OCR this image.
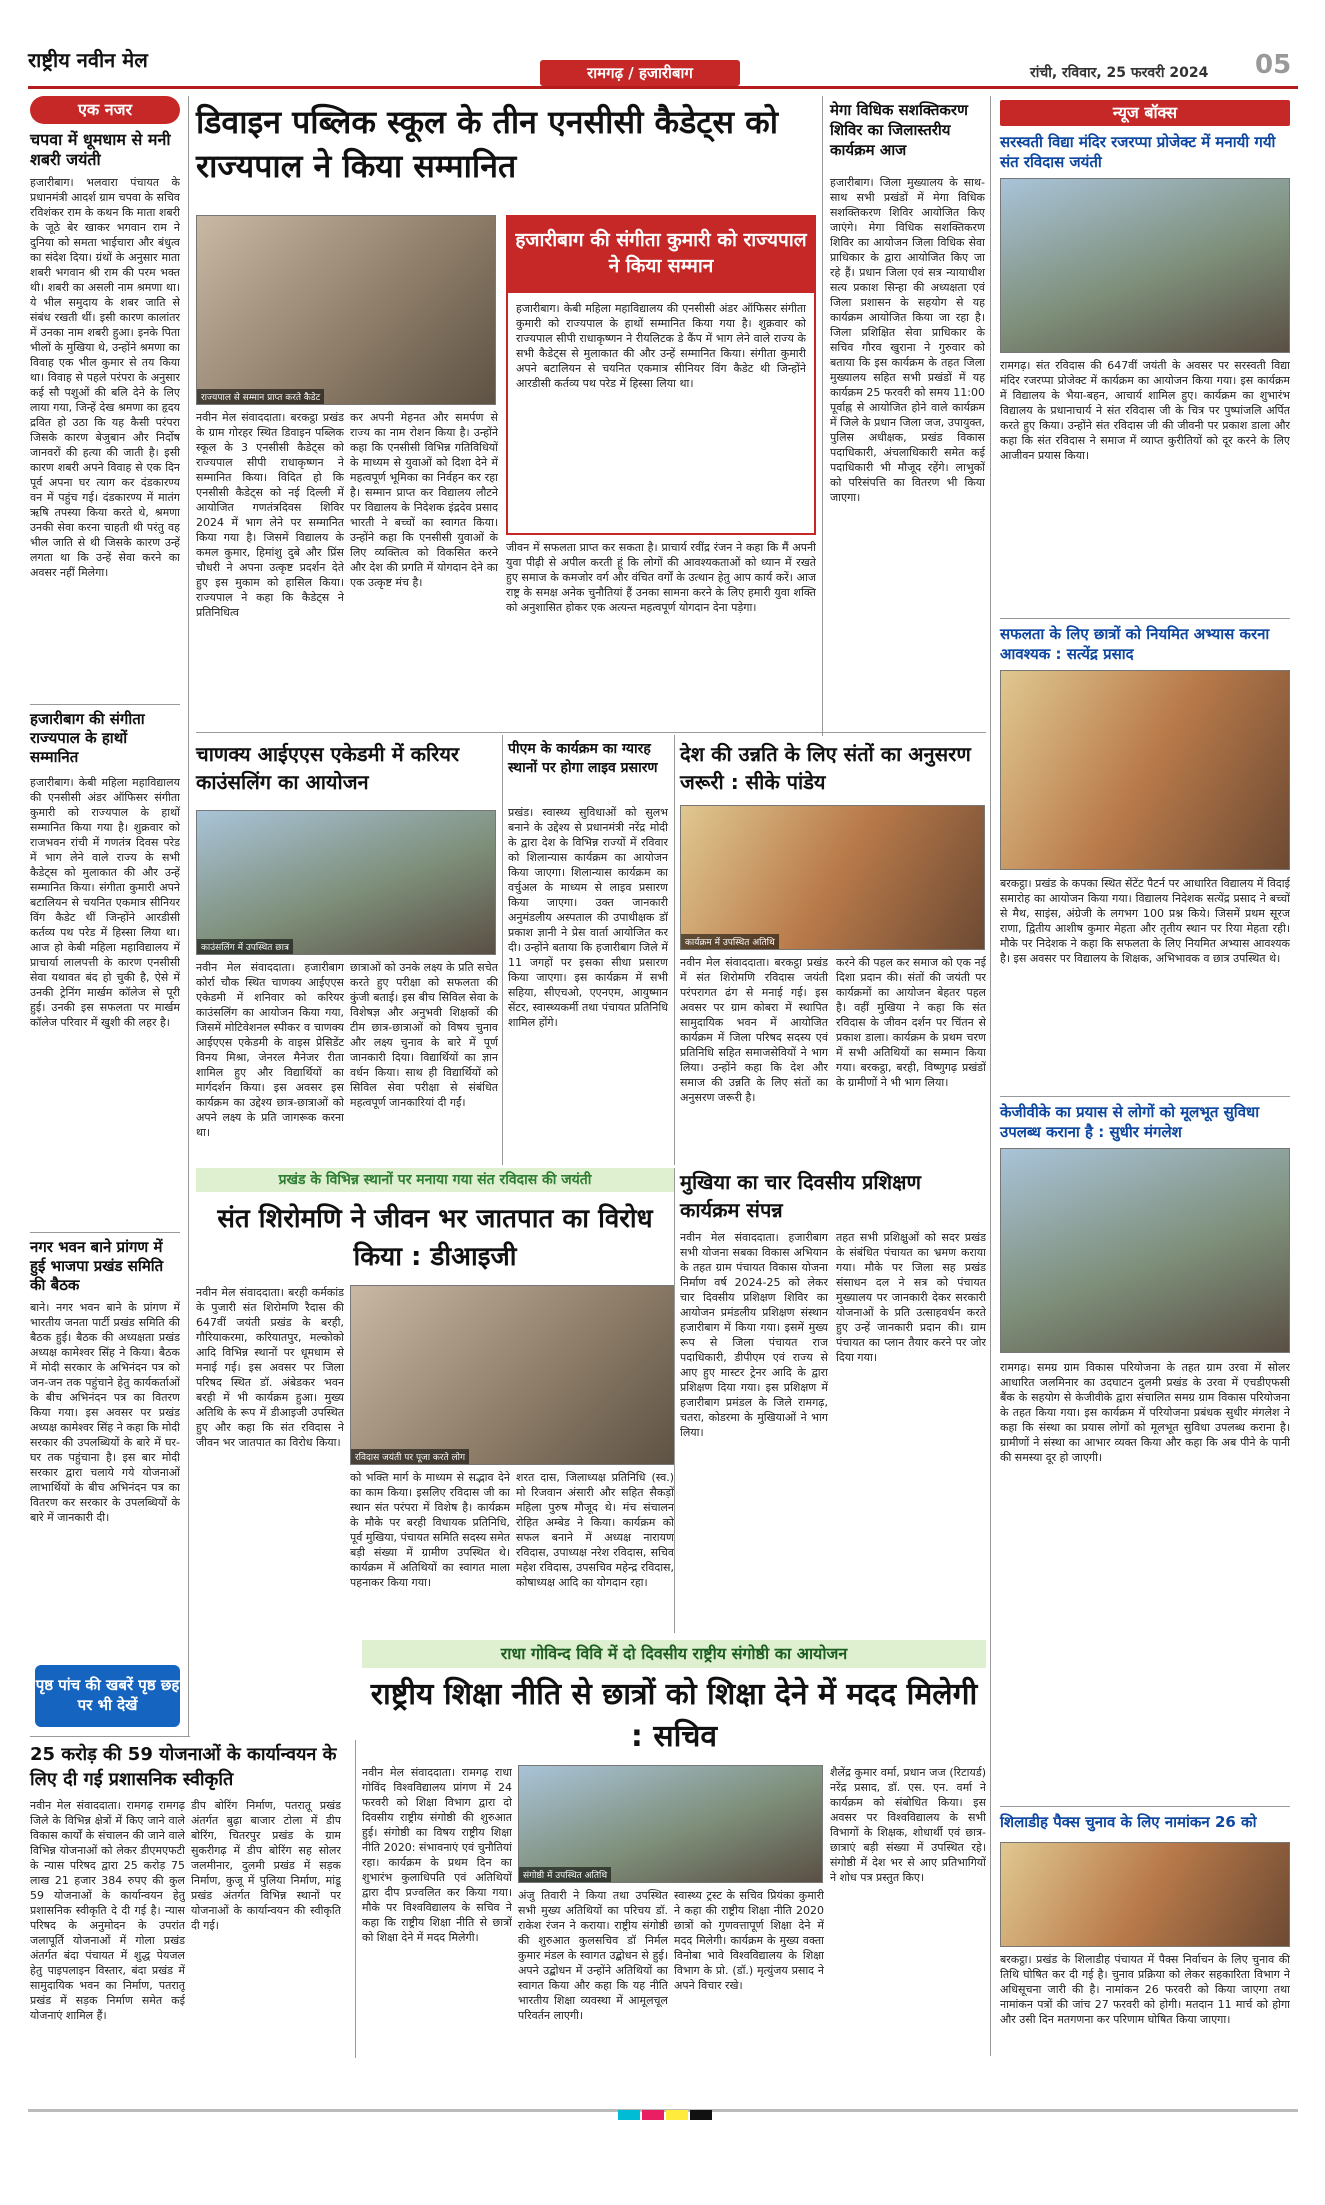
राष्ट्रीय नवीन मेल
रामगढ़ / हजारीबाग	रांची, रविवार, 25 फरवरी 2024 05
एक नजर
चपवा में धूमधाम से मनी शबरी जयंती
हजारीबाग। भलवारा पंचायत के प्रधानमंत्री आदर्श ग्राम चपवा के सचिव रविशंकर राम के कथन कि माता शबरी के जूठे बेर खाकर भगवान राम ने दुनिया को समता भाईचारा और बंधुत्व का संदेश दिया। ग्रंथों के अनुसार माता शबरी भगवान श्री राम की परम भक्त थी। शबरी का असली नाम श्रमणा था। ये भील समुदाय के शबर जाति से संबंध रखती थीं। इसी कारण कालांतर में उनका नाम शबरी हुआ। इनके पिता भीलों के मुखिया थे, उन्होंने श्रमणा का विवाह एक भील कुमार से तय किया था। विवाह से पहले परंपरा के अनुसार कई सौ पशुओं की बलि देने के लिए लाया गया, जिन्हें देख श्रमणा का हृदय द्रवित हो उठा कि यह कैसी परंपरा जिसके कारण बेजुबान और निर्दोष जानवरों की हत्या की जाती है। इसी कारण शबरी अपने विवाह से एक दिन पूर्व अपना घर त्याग कर दंडकारण्य वन में पहुंच गई। दंडकारण्य में मातंग ऋषि तपस्या किया करते थे, श्रमणा उनकी सेवा करना चाहती थी परंतु वह भील जाति से थी जिसके कारण उन्हें लगता था कि उन्हें सेवा करने का अवसर नहीं मिलेगा।
हजारीबाग की संगीता राज्यपाल के हाथों सम्मानित
हजारीबाग। केबी महिला महाविद्यालय की एनसीसी अंडर ऑफिसर संगीता कुमारी को राज्यपाल के हाथों सम्मानित किया गया है। शुक्रवार को राजभवन रांची में गणतंत्र दिवस परेड में भाग लेने वाले राज्य के सभी कैडेट्स को मुलाकात की और उन्हें सम्मानित किया। संगीता कुमारी अपने बटालियन से चयनित एकमात्र सीनियर विंग कैडेट थीं जिन्होंने आरडीसी कर्तव्य पथ परेड में हिस्सा लिया था। आज हो केबी महिला महाविद्यालय में प्राचार्या लालपत्ती के कारण एनसीसी सेवा यथावत बंद हो चुकी है, ऐसे में उनकी ट्रेनिंग मार्खम कॉलेज से पूरी हुई। उनकी इस सफलता पर मार्खम कॉलेज परिवार में खुशी की लहर है।
नगर भवन बाने प्रांगण में हुई भाजपा प्रखंड समिति की बैठक
बाने। नगर भवन बाने के प्रांगण में भारतीय जनता पार्टी प्रखंड समिति की बैठक हुई। बैठक की अध्यक्षता प्रखंड अध्यक्ष कामेश्वर सिंह ने किया। बैठक में मोदी सरकार के अभिनंदन पत्र को जन-जन तक पहुंचाने हेतु कार्यकर्ताओं के बीच अभिनंदन पत्र का वितरण किया गया। इस अवसर पर प्रखंड अध्यक्ष कामेश्वर सिंह ने कहा कि मोदी सरकार की उपलब्धियों के बारे में घर-घर तक पहुंचाना है। इस बार मोदी सरकार द्वारा चलाये गये योजनाओं लाभार्थियों के बीच अभिनंदन पत्र का वितरण कर सरकार के उपलब्धियों के बारे में जानकारी दी।
पृष्ठ पांच की खबरें पृष्ठ छह पर भी देखें
डिवाइन पब्लिक स्कूल के तीन एनसीसी कैडेट्स को राज्यपाल ने किया सम्मानित
राज्यपाल से सम्मान प्राप्त करते कैडेट
हजारीबाग की संगीता कुमारी को राज्यपाल ने किया सम्मान
हजारीबाग। केबी महिला महाविद्यालय की एनसीसी अंडर ऑफिसर संगीता कुमारी को राज्यपाल के हाथों सम्मानित किया गया है। शुक्रवार को राज्यपाल सीपी राधाकृष्णन ने रीयलिटक डे कैंप में भाग लेने वाले राज्य के सभी कैडेट्स से मुलाकात की और उन्हें सम्मानित किया। संगीता कुमारी अपने बटालियन से चयनित एकमात्र सीनियर विंग कैडेट थी जिन्होंने आरडीसी कर्तव्य पथ परेड में हिस्सा लिया था।
नवीन मेल संवाददाता। बरकट्ठा प्रखंड के ग्राम गोरहर स्थित डिवाइन पब्लिक स्कूल के 3 एनसीसी कैडेट्स को राज्यपाल सीपी राधाकृष्णन ने सम्मानित किया। विदित हो कि एनसीसी कैडेट्स को नई दिल्ली में आयोजित गणतंत्रदिवस शिविर 2024 में भाग लेने पर सम्मानित किया गया है। जिसमें विद्यालय के कमल कुमार, हिमांशु दुबे और प्रिंस चौधरी ने अपना उत्कृष्ट प्रदर्शन देते हुए इस मुकाम को हासिल किया। राज्यपाल ने कहा कि कैडेट्स ने प्रतिनिधित्व
कर अपनी मेहनत और समर्पण से राज्य का नाम रोशन किया है। उन्होंने कहा कि एनसीसी विभिन्न गतिविधियों के माध्यम से युवाओं को दिशा देने में महत्वपूर्ण भूमिका का निर्वहन कर रहा है। सम्मान प्राप्त कर विद्यालय लौटने पर विद्यालय के निदेशक इंद्रदेव प्रसाद भारती ने बच्चों का स्वागत किया। उन्होंने कहा कि एनसीसी युवाओं के लिए व्यक्तित्व को विकसित करने और देश की प्रगति में योगदान देने का एक उत्कृष्ट मंच है।
जीवन में सफलता प्राप्त कर सकता है। प्राचार्य रवींद्र रंजन ने कहा कि मैं अपनी युवा पीढ़ी से अपील करती हूं कि लोगों की आवश्यकताओं को ध्यान में रखते हुए समाज के कमजोर वर्ग और वंचित वर्गों के उत्थान हेतु आप कार्य करें। आज राष्ट्र के समक्ष अनेक चुनौतियां हैं उनका सामना करने के लिए हमारी युवा शक्ति को अनुशासित होकर एक अत्यन्त महत्वपूर्ण योगदान देना पड़ेगा।
मेगा विधिक सशक्तिकरण शिविर का जिलास्तरीय कार्यक्रम आज
हजारीबाग। जिला मुख्यालय के साथ-साथ सभी प्रखंडों में मेगा विधिक सशक्तिकरण शिविर आयोजित किए जाएंगे। मेगा विधिक सशक्तिकरण शिविर का आयोजन जिला विधिक सेवा प्राधिकार के द्वारा आयोजित किए जा रहे हैं। प्रधान जिला एवं सत्र न्यायाधीश सत्य प्रकाश सिन्हा की अध्यक्षता एवं जिला प्रशासन के सहयोग से यह कार्यक्रम आयोजित किया जा रहा है। जिला प्रशिक्षित सेवा प्राधिकार के सचिव गौरव खुराना ने गुरुवार को बताया कि इस कार्यक्रम के तहत जिला मुख्यालय सहित सभी प्रखंडों में यह कार्यक्रम 25 फरवरी को समय 11:00 पूर्वाह्न से आयोजित होने वाले कार्यक्रम में जिले के प्रधान जिला जज, उपायुक्त, पुलिस अधीक्षक, प्रखंड विकास पदाधिकारी, अंचलाधिकारी समेत कई पदाधिकारी भी मौजूद रहेंगे। लाभुकों को परिसंपत्ति का वितरण भी किया जाएगा।
न्यूज बॉक्स
सरस्वती विद्या मंदिर रजरप्पा प्रोजेक्ट में मनायी गयी संत रविदास जयंती
रामगढ़। संत रविदास की 647वीं जयंती के अवसर पर सरस्वती विद्या मंदिर रजरप्पा प्रोजेक्ट में कार्यक्रम का आयोजन किया गया। इस कार्यक्रम में विद्यालय के भैया-बहन, आचार्य शामिल हुए। कार्यक्रम का शुभारंभ विद्यालय के प्रधानाचार्य ने संत रविदास जी के चित्र पर पुष्पांजलि अर्पित करते हुए किया। उन्होंने संत रविदास जी की जीवनी पर प्रकाश डाला और कहा कि संत रविदास ने समाज में व्याप्त कुरीतियों को दूर करने के लिए आजीवन प्रयास किया।
सफलता के लिए छात्रों को नियमित अभ्यास करना आवश्यक : सत्येंद्र प्रसाद
बरकट्ठा। प्रखंड के कपका स्थित सेंटेंट पैटर्न पर आधारित विद्यालय में विदाई समारोह का आयोजन किया गया। विद्यालय निदेशक सत्येंद्र प्रसाद ने बच्चों से मैथ, साइंस, अंग्रेजी के लगभग 100 प्रश्न किये। जिसमें प्रथम सूरज राणा, द्वितीय आशीष कुमार मेहता और तृतीय स्थान पर रिया मेहता रही। मौके पर निदेशक ने कहा कि सफलता के लिए नियमित अभ्यास आवश्यक है। इस अवसर पर विद्यालय के शिक्षक, अभिभावक व छात्र उपस्थित थे।
केजीवीके का प्रयास से लोगों को मूलभूत सुविधा उपलब्ध कराना है : सुधीर मंगलेश
रामगढ़। समग्र ग्राम विकास परियोजना के तहत ग्राम उरवा में सोलर आधारित जलमिनार का उदघाटन दुलमी प्रखंड के उरवा में एचडीएफसी बैंक के सहयोग से केजीवीके द्वारा संचालित समग्र ग्राम विकास परियोजना के तहत किया गया। इस कार्यक्रम में परियोजना प्रबंधक सुधीर मंगलेश ने कहा कि संस्था का प्रयास लोगों को मूलभूत सुविधा उपलब्ध कराना है। ग्रामीणों ने संस्था का आभार व्यक्त किया और कहा कि अब पीने के पानी की समस्या दूर हो जाएगी।
शिलाडीह पैक्स चुनाव के लिए नामांकन 26 को
बरकट्ठा। प्रखंड के शिलाडीह पंचायत में पैक्स निर्वाचन के लिए चुनाव की तिथि घोषित कर दी गई है। चुनाव प्रक्रिया को लेकर सहकारिता विभाग ने अधिसूचना जारी की है। नामांकन 26 फरवरी को किया जाएगा तथा नामांकन पत्रों की जांच 27 फरवरी को होगी। मतदान 11 मार्च को होगा और उसी दिन मतगणना कर परिणाम घोषित किया जाएगा।
चाणक्य आईएएस एकेडमी में करियर काउंसलिंग का आयोजन
काउंसलिंग में उपस्थित छात्र
नवीन मेल संवाददाता। हजारीबाग कोर्रा चौक स्थित चाणक्य आईएएस एकेडमी में शनिवार को करियर काउंसलिंग का आयोजन किया गया, जिसमें मोटिवेशनल स्पीकर व चाणक्य आईएएस एकेडमी के वाइस प्रेसिडेंट विनय मिश्रा, जेनरल मैनेजर रीता शामिल हुए और विद्यार्थियों का मार्गदर्शन किया। इस अवसर इस कार्यक्रम का उद्देश्य छात्र-छात्राओं को अपने लक्ष्य के प्रति जागरूक करना था।
छात्राओं को उनके लक्ष्य के प्रति सचेत करते हुए परीक्षा को सफलता की कुंजी बताई। इस बीच सिविल सेवा के विशेषज्ञ और अनुभवी शिक्षकों की टीम छात्र-छात्राओं को विषय चुनाव और लक्ष्य चुनाव के बारे में पूर्ण जानकारी दिया। विद्यार्थियों का ज्ञान वर्धन किया। साथ ही विद्यार्थियों को सिविल सेवा परीक्षा से संबंधित महत्वपूर्ण जानकारियां दी गईं।
पीएम के कार्यक्रम का ग्यारह स्थानों पर होगा लाइव प्रसारण
प्रखंड। स्वास्थ्य सुविधाओं को सुलभ बनाने के उद्देश्य से प्रधानमंत्री नरेंद्र मोदी के द्वारा देश के विभिन्न राज्यों में रविवार को शिलान्यास कार्यक्रम का आयोजन किया जाएगा। शिलान्यास कार्यक्रम का वर्चुअल के माध्यम से लाइव प्रसारण किया जाएगा। उक्त जानकारी अनुमंडलीय अस्पताल की उपाधीक्षक डॉ प्रकाश ज्ञानी ने प्रेस वार्ता आयोजित कर दी। उन्होंने बताया कि हजारीबाग जिले में 11 जगहों पर इसका सीधा प्रसारण किया जाएगा। इस कार्यक्रम में सभी सहिया, सीएचओ, एएनएम, आयुष्मान सेंटर, स्वास्थ्यकर्मी तथा पंचायत प्रतिनिधि शामिल होंगे।
देश की उन्नति के लिए संतों का अनुसरण जरूरी : सीके पांडेय
कार्यक्रम में उपस्थित अतिथि
नवीन मेल संवाददाता। बरकट्ठा प्रखंड में संत शिरोमणि रविदास जयंती परंपरागत ढंग से मनाई गई। इस अवसर पर ग्राम कोबरा में स्थापित सामुदायिक भवन में आयोजित कार्यक्रम में जिला परिषद सदस्य एवं प्रतिनिधि सहित समाजसेवियों ने भाग लिया। उन्होंने कहा कि देश और समाज की उन्नति के लिए संतों का अनुसरण जरूरी है।
करने की पहल कर समाज को एक नई दिशा प्रदान की। संतों की जयंती पर कार्यक्रमों का आयोजन बेहतर पहल है। वहीं मुखिया ने कहा कि संत रविदास के जीवन दर्शन पर चिंतन से प्रकाश डाला। कार्यक्रम के प्रथम चरण में सभी अतिथियों का सम्मान किया गया। बरकट्ठा, बरही, विष्णुगढ़ प्रखंडों के ग्रामीणों ने भी भाग लिया।
प्रखंड के विभिन्न स्थानों पर मनाया गया संत रविदास की जयंती
संत शिरोमणि ने जीवन भर जातपात का विरोध किया : डीआइजी
नवीन मेल संवाददाता। बरही कर्मकांड के पुजारी संत शिरोमणि रैदास की 647वीं जयंती प्रखंड के बरही, गौरियाकरमा, करियातपुर, मल्कोको आदि विभिन्न स्थानों पर धूमधाम से मनाई गई। इस अवसर पर जिला परिषद स्थित डॉ. अंबेडकर भवन बरही में भी कार्यक्रम हुआ। मुख्य अतिथि के रूप में डीआइजी उपस्थित हुए और कहा कि संत रविदास ने जीवन भर जातपात का विरोध किया।
रविदास जयंती पर पूजा करते लोग
को भक्ति मार्ग के माध्यम से सद्भाव देने का काम किया। इसलिए रविदास जी का स्थान संत परंपरा में विशेष है। कार्यक्रम के मौके पर बरही विधायक प्रतिनिधि, पूर्व मुखिया, पंचायत समिति सदस्य समेत बड़ी संख्या में ग्रामीण उपस्थित थे। कार्यक्रम में अतिथियों का स्वागत माला पहनाकर किया गया।
शरत दास, जिलाध्यक्ष प्रतिनिधि (स्व.) मो रिजवान अंसारी और सहित सैकड़ों महिला पुरुष मौजूद थे। मंच संचालन रोहित अम्बेड ने किया। कार्यक्रम को सफल बनाने में अध्यक्ष नारायण रविदास, उपाध्यक्ष नरेश रविदास, सचिव महेश रविदास, उपसचिव महेन्द्र रविदास, कोषाध्यक्ष आदि का योगदान रहा।
मुखिया का चार दिवसीय प्रशिक्षण कार्यक्रम संपन्न
नवीन मेल संवाददाता। हजारीबाग सभी योजना सबका विकास अभियान के तहत ग्राम पंचायत विकास योजना निर्माण वर्ष 2024-25 को लेकर चार दिवसीय प्रशिक्षण शिविर का आयोजन प्रमंडलीय प्रशिक्षण संस्थान हजारीबाग में किया गया। इसमें मुख्य रूप से जिला पंचायत राज पदाधिकारी, डीपीएम एवं राज्य से आए हुए मास्टर ट्रेनर आदि के द्वारा प्रशिक्षण दिया गया। इस प्रशिक्षण में हजारीबाग प्रमंडल के जिले रामगढ़, चतरा, कोडरमा के मुखियाओं ने भाग लिया।
तहत सभी प्रशिक्षुओं को सदर प्रखंड के संबंधित पंचायत का भ्रमण कराया गया। मौके पर जिला सह प्रखंड संसाधन दल ने सत्र को पंचायत मुख्यालय पर जानकारी देकर सरकारी योजनाओं के प्रति उत्साहवर्धन करते हुए उन्हें जानकारी प्रदान की। ग्राम पंचायत का प्लान तैयार करने पर जोर दिया गया।
25 करोड़ की 59 योजनाओं के कार्यान्वयन के लिए दी गई प्रशासनिक स्वीकृति
नवीन मेल संवाददाता। रामगढ़ रामगढ़ जिले के विभिन्न क्षेत्रों में किए जाने वाले विकास कार्यों के संचालन की जाने वाले विभिन्न योजनाओं को लेकर डीएमएफटी के न्यास परिषद द्वारा 25 करोड़ 75 लाख 21 हजार 384 रुपए की कुल 59 योजनाओं के कार्यान्वयन हेतु प्रशासनिक स्वीकृति दे दी गई है। न्यास परिषद के अनुमोदन के उपरांत जलापूर्ति योजनाओं में गोला प्रखंड अंतर्गत बंदा पंचायत में शुद्ध पेयजल हेतु पाइपलाइन विस्तार, बंदा प्रखंड में सामुदायिक भवन का निर्माण, पतरातू प्रखंड में सड़क निर्माण समेत कई योजनाएं शामिल हैं।
डीप बोरिंग निर्माण, पतरातू प्रखंड अंतर्गत बुढ़ा बाजार टोला में डीप बोरिंग, चितरपुर प्रखंड के ग्राम सुकरीगढ़ में डीप बोरिंग सह सोलर जलमीनार, दुलमी प्रखंड में सड़क निर्माण, कुजू में पुलिया निर्माण, मांडू प्रखंड अंतर्गत विभिन्न स्थानों पर योजनाओं के कार्यान्वयन की स्वीकृति दी गई।
राधा गोविन्द विवि में दो दिवसीय राष्ट्रीय संगोष्ठी का आयोजन
राष्ट्रीय शिक्षा नीति से छात्रों को शिक्षा देने में मदद मिलेगी : सचिव
नवीन मेल संवाददाता। रामगढ़ राधा गोविंद विश्वविद्यालय प्रांगण में 24 फरवरी को शिक्षा विभाग द्वारा दो दिवसीय राष्ट्रीय संगोष्ठी की शुरुआत हुई। संगोष्ठी का विषय राष्ट्रीय शिक्षा नीति 2020: संभावनाएं एवं चुनौतियां रहा। कार्यक्रम के प्रथम दिन का शुभारंभ कुलाधिपति एवं अतिथियों द्वारा दीप प्रज्वलित कर किया गया। मौके पर विश्वविद्यालय के सचिव ने कहा कि राष्ट्रीय शिक्षा नीति से छात्रों को शिक्षा देने में मदद मिलेगी।
संगोष्ठी में उपस्थित अतिथि
अंजु तिवारी ने किया तथा उपस्थित सभी मुख्य अतिथियों का परिचय डॉ. राकेश रंजन ने कराया। राष्ट्रीय संगोष्ठी की शुरुआत कुलसचिव डॉ निर्मल कुमार मंडल के स्वागत उद्बोधन से हुई। अपने उद्बोधन में उन्होंने अतिथियों का स्वागत किया और कहा कि यह नीति भारतीय शिक्षा व्यवस्था में आमूलचूल परिवर्तन लाएगी।
स्वास्थ्य ट्रस्ट के सचिव प्रियंका कुमारी ने कहा की राष्ट्रीय शिक्षा नीति 2020 छात्रों को गुणवत्तापूर्ण शिक्षा देने में मदद मिलेगी। कार्यक्रम के मुख्य वक्ता विनोबा भावे विश्वविद्यालय के शिक्षा विभाग के प्रो. (डॉ.) मृत्युंजय प्रसाद ने अपने विचार रखे।
शैलेंद्र कुमार वर्मा, प्रधान जज (रिटायर्ड) नरेंद्र प्रसाद, डॉ. एस. एन. वर्मा ने कार्यक्रम को संबोधित किया। इस अवसर पर विश्वविद्यालय के सभी विभागों के शिक्षक, शोधार्थी एवं छात्र-छात्राएं बड़ी संख्या में उपस्थित रहे। संगोष्ठी में देश भर से आए प्रतिभागियों ने शोध पत्र प्रस्तुत किए।
